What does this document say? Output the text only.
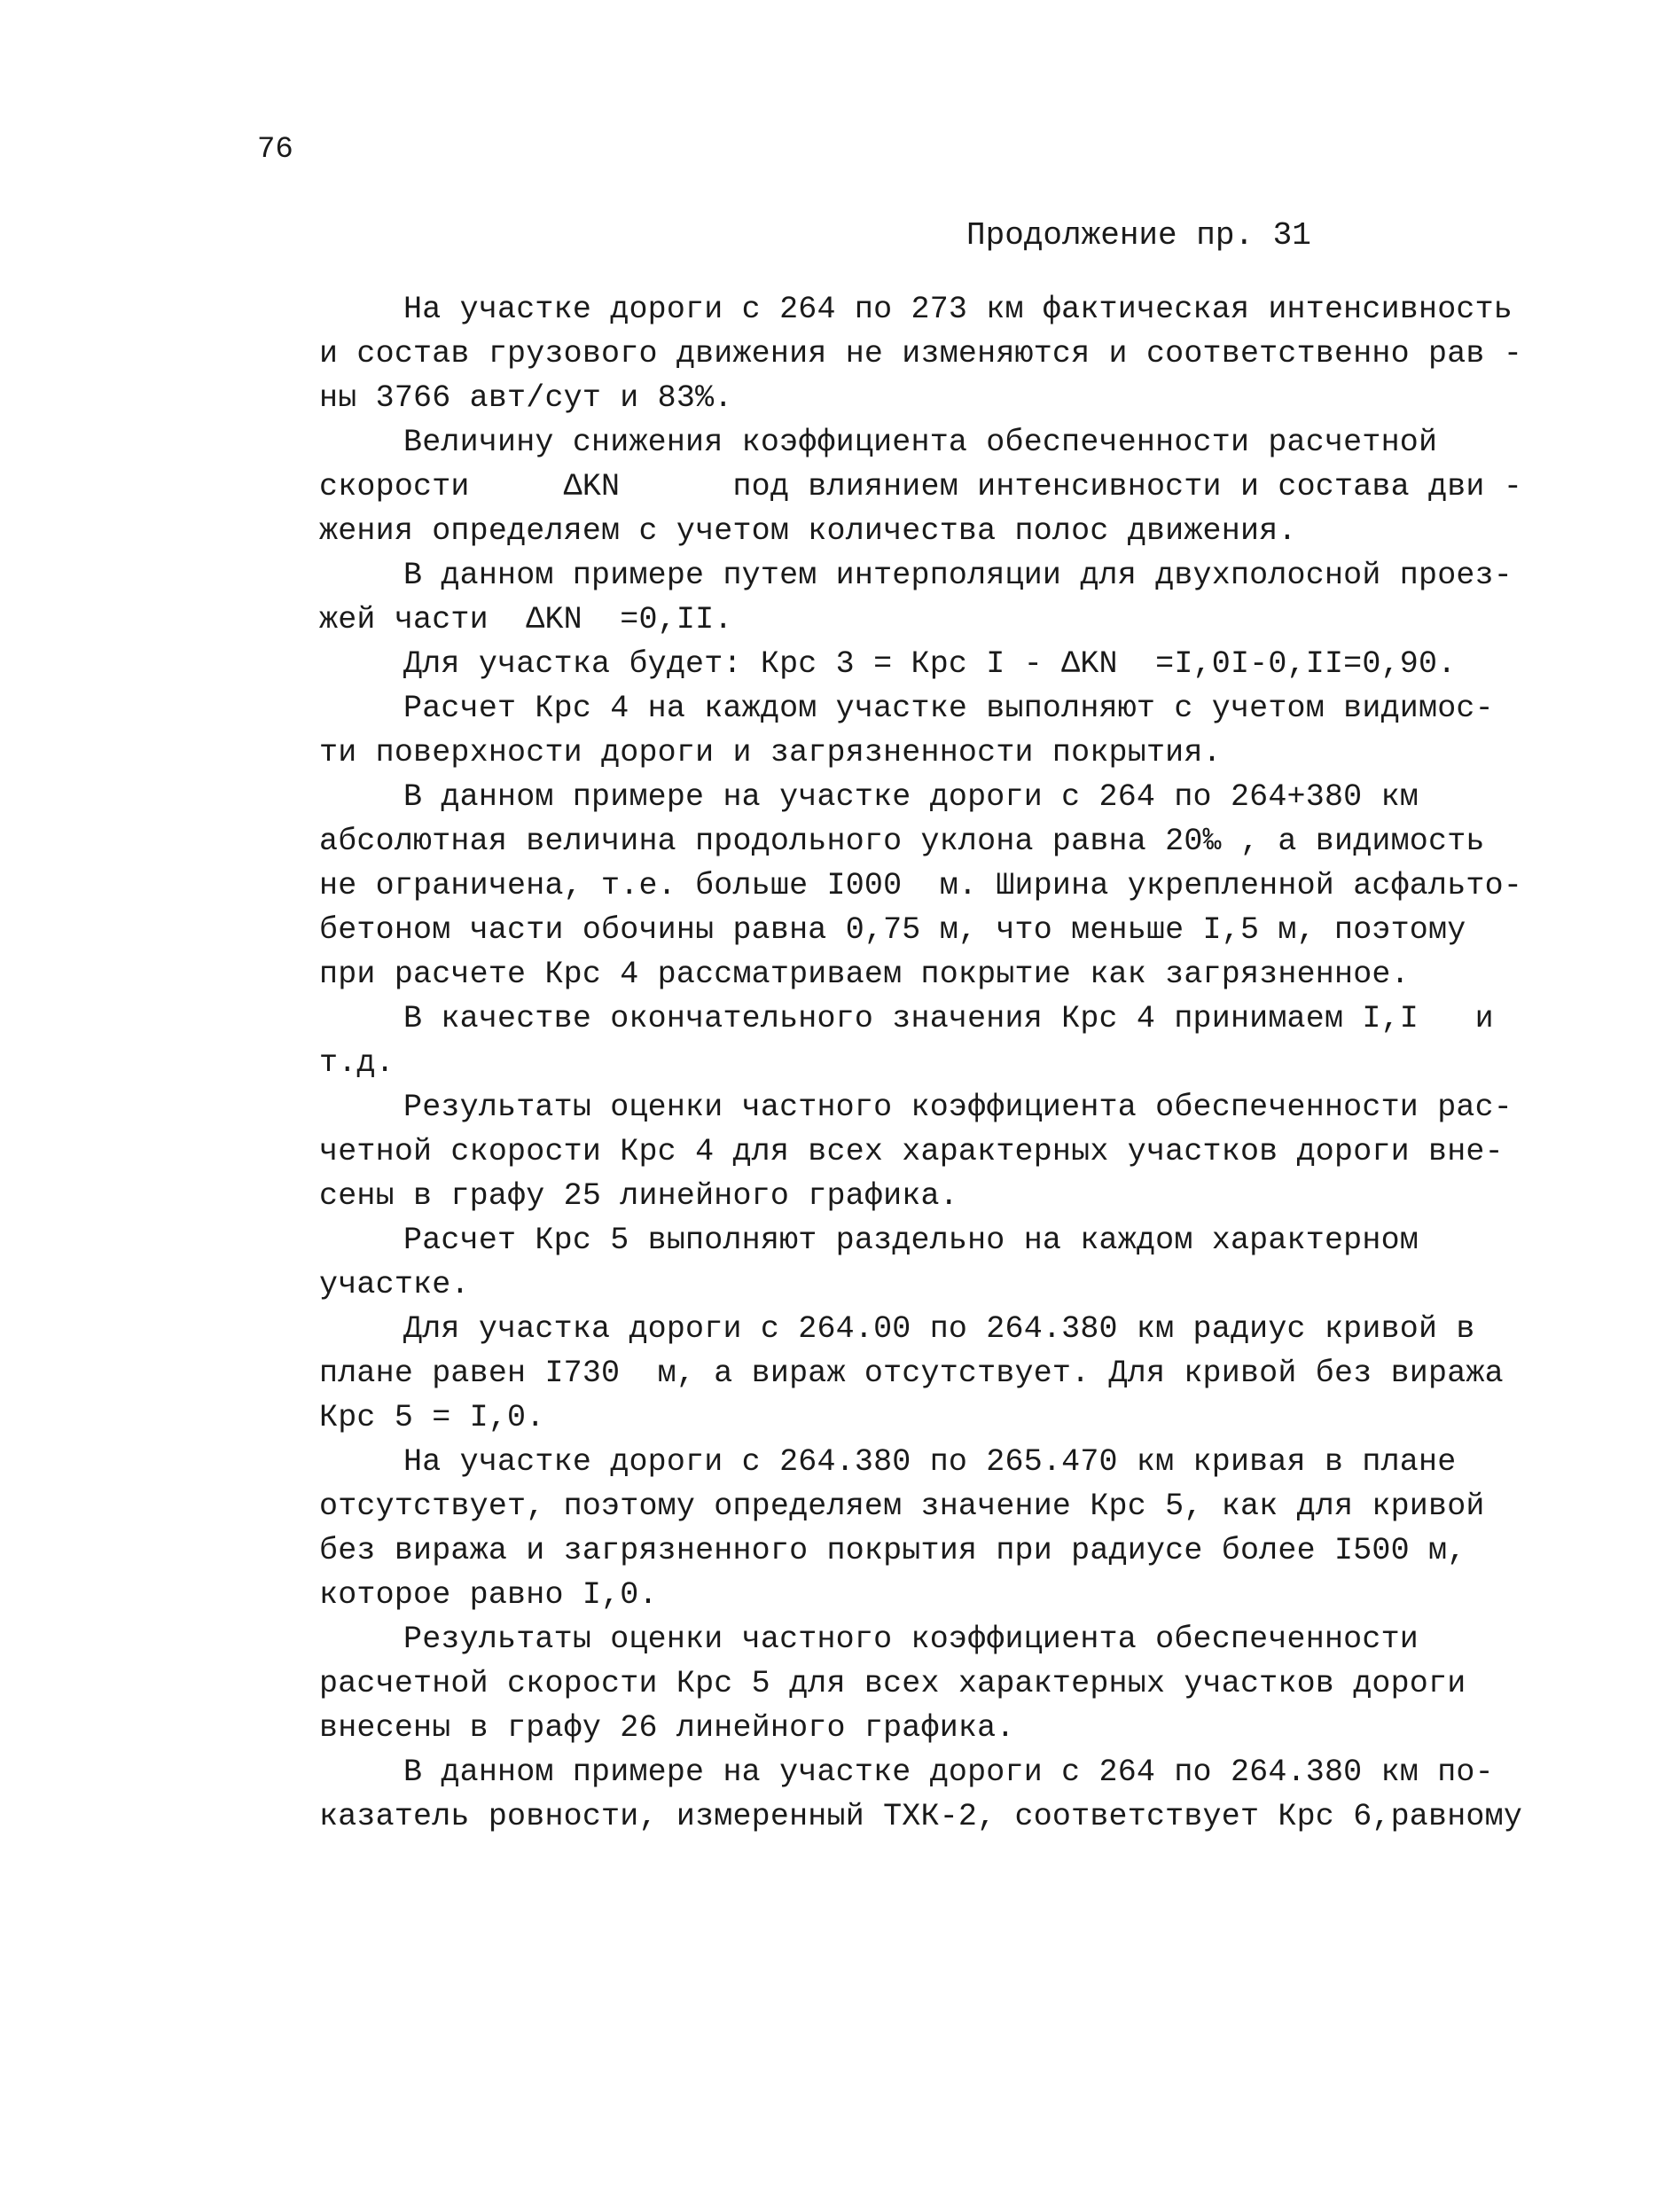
76
Продолжение пр. 31
На участке дороги с 264 по 273 км фактическая интенсивность
и состав грузового движения не изменяются и соответственно рав -
ны 3766 авт/сут и 83%.
Величину снижения коэффициента обеспеченности расчетной
скорости     ΔKN      под влиянием интенсивности и состава дви -
жения определяем с учетом количества полос движения.
В данном примере путем интерполяции для двухполосной проез-
жей части  ΔKN  =0,II.
Для участка будет: Крс 3 = Крс I - ΔKN  =I,0I-0,II=0,90.
Расчет Крс 4 на каждом участке выполняют с учетом видимос-
ти поверхности дороги и загрязненности покрытия.
В данном примере на участке дороги с 264 по 264+380 км
абсолютная величина продольного уклона равна 20‰ , а видимость
не ограничена, т.е. больше I000  м. Ширина укрепленной асфальто-
бетоном части обочины равна 0,75 м, что меньше I,5 м, поэтому
при расчете Крс 4 рассматриваем покрытие как загрязненное.
В качестве окончательного значения Крс 4 принимаем I,I   и
т.д.
Результаты оценки частного коэффициента обеспеченности рас-
четной скорости Крс 4 для всех характерных участков дороги вне-
сены в графу 25 линейного графика.
Расчет Крс 5 выполняют раздельно на каждом характерном
участке.
Для участка дороги с 264.00 по 264.380 км радиус кривой в
плане равен I730  м, а вираж отсутствует. Для кривой без виража
Крс 5 = I,0.
На участке дороги с 264.380 по 265.470 км кривая в плане
отсутствует, поэтому определяем значение Крс 5, как для кривой
без виража и загрязненного покрытия при радиусе более I500 м,
которое равно I,0.
Результаты оценки частного коэффициента обеспеченности
расчетной скорости Крс 5 для всех характерных участков дороги
внесены в графу 26 линейного графика.
В данном примере на участке дороги с 264 по 264.380 км по-
казатель ровности, измеренный ТХК-2, соответствует Крс 6,равному
